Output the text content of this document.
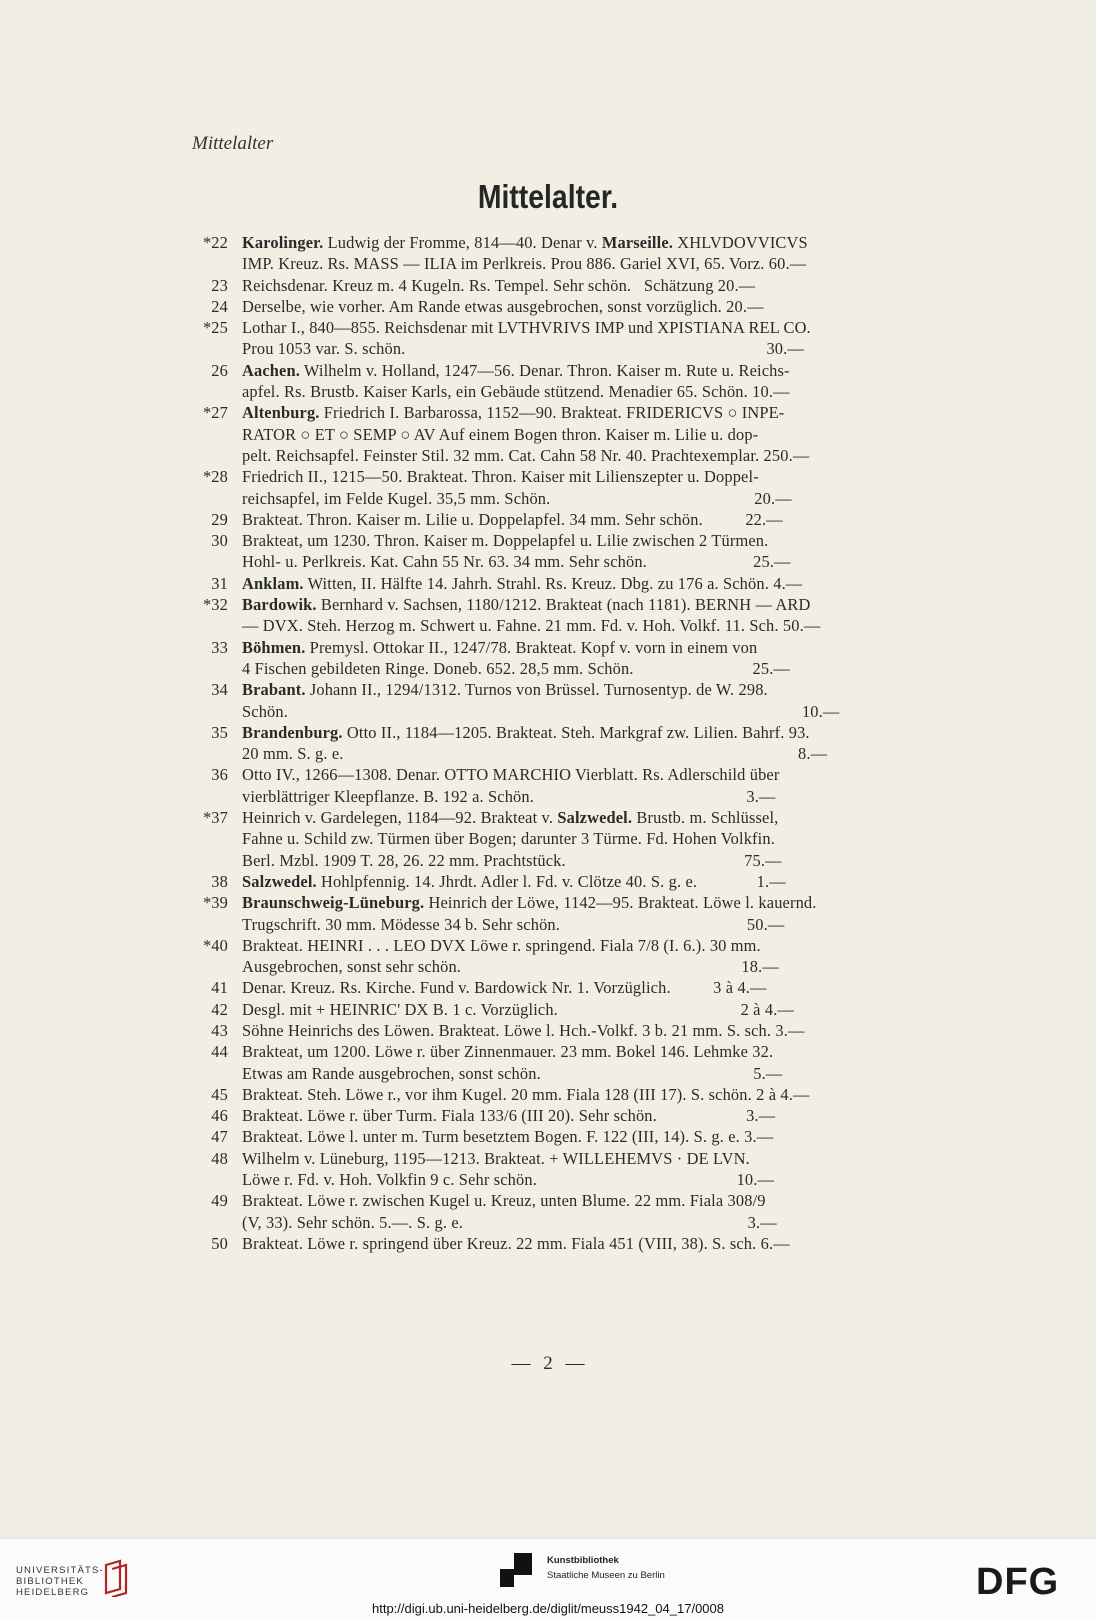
Mittelalter
Mittelalter.
*22 Karolinger. Ludwig der Fromme, 814—40. Denar v. Marseille. XHLVDOVVICVS
IMP. Kreuz. Rs. MASS — ILIA im Perlkreis. Prou 886. Gariel XVI, 65. Vorz. 60.—
23 Reichsdenar. Kreuz m. 4 Kugeln. Rs. Tempel. Sehr schön.   Schätzung 20.—
24 Derselbe, wie vorher. Am Rande etwas ausgebrochen, sonst vorzüglich. 20.—
*25 Lothar I., 840—855. Reichsdenar mit LVTHVRIVS IMP und XPISTIANA REL CO.
Prou 1053 var. S. schön.                                                                                     30.—
26 Aachen. Wilhelm v. Holland, 1247—56. Denar. Thron. Kaiser m. Rute u. Reichs-
apfel. Rs. Brustb. Kaiser Karls, ein Gebäude stützend. Menadier 65. Schön. 10.—
*27 Altenburg. Friedrich I. Barbarossa, 1152—90. Brakteat. FRIDERICVS ○ INPE-
RATOR ○ ET ○ SEMP ○ AV Auf einem Bogen thron. Kaiser m. Lilie u. dop-
pelt. Reichsapfel. Feinster Stil. 32 mm. Cat. Cahn 58 Nr. 40. Prachtexemplar. 250.—
*28 Friedrich II., 1215—50. Brakteat. Thron. Kaiser mit Lilienszepter u. Doppel-
reichsapfel, im Felde Kugel. 35,5 mm. Schön.                                                20.—
29 Brakteat. Thron. Kaiser m. Lilie u. Doppelapfel. 34 mm. Sehr schön.          22.—
30 Brakteat, um 1230. Thron. Kaiser m. Doppelapfel u. Lilie zwischen 2 Türmen.
Hohl- u. Perlkreis. Kat. Cahn 55 Nr. 63. 34 mm. Sehr schön.                         25.—
31 Anklam. Witten, II. Hälfte 14. Jahrh. Strahl. Rs. Kreuz. Dbg. zu 176 a. Schön. 4.—
*32 Bardowik. Bernhard v. Sachsen, 1180/1212. Brakteat (nach 1181). BERNH — ARD
— DVX. Steh. Herzog m. Schwert u. Fahne. 21 mm. Fd. v. Hoh. Volkf. 11. Sch. 50.—
33 Böhmen. Premysl. Ottokar II., 1247/78. Brakteat. Kopf v. vorn in einem von
4 Fischen gebildeten Ringe. Doneb. 652. 28,5 mm. Schön.                            25.—
34 Brabant. Johann II., 1294/1312. Turnos von Brüssel. Turnosentyp. de W. 298.
Schön.                                                                                                                         10.—
35 Brandenburg. Otto II., 1184—1205. Brakteat. Steh. Markgraf zw. Lilien. Bahrf. 93.
20 mm. S. g. e.                                                                                                           8.—
36 Otto IV., 1266—1308. Denar. OTTO MARCHIO Vierblatt. Rs. Adlerschild über
vierblättriger Kleepflanze. B. 192 a. Schön.                                                  3.—
*37 Heinrich v. Gardelegen, 1184—92. Brakteat v. Salzwedel. Brustb. m. Schlüssel,
Fahne u. Schild zw. Türmen über Bogen; darunter 3 Türme. Fd. Hohen Volkfin.
Berl. Mzbl. 1909 T. 28, 26. 22 mm. Prachtstück.                                          75.—
38 Salzwedel. Hohlpfennig. 14. Jhrdt. Adler l. Fd. v. Clötze 40. S. g. e.              1.—
*39 Braunschweig-Lüneburg. Heinrich der Löwe, 1142—95. Brakteat. Löwe l. kauernd.
Trugschrift. 30 mm. Mödesse 34 b. Sehr schön.                                            50.—
*40 Brakteat. HEINRI . . . LEO DVX Löwe r. springend. Fiala 7/8 (I. 6.). 30 mm.
Ausgebrochen, sonst sehr schön.                                                                  18.—
41 Denar. Kreuz. Rs. Kirche. Fund v. Bardowick Nr. 1. Vorzüglich.          3 à 4.—
42 Desgl. mit + HEINRIC' DX B. 1 c. Vorzüglich.                                           2 à 4.—
43 Söhne Heinrichs des Löwen. Brakteat. Löwe l. Hch.-Volkf. 3 b. 21 mm. S. sch. 3.—
44 Brakteat, um 1200. Löwe r. über Zinnenmauer. 23 mm. Bokel 146. Lehmke 32.
Etwas am Rande ausgebrochen, sonst schön.                                                  5.—
45 Brakteat. Steh. Löwe r., vor ihm Kugel. 20 mm. Fiala 128 (III 17). S. schön. 2 à 4.—
46 Brakteat. Löwe r. über Turm. Fiala 133/6 (III 20). Sehr schön.                     3.—
47 Brakteat. Löwe l. unter m. Turm besetztem Bogen. F. 122 (III, 14). S. g. e. 3.—
48 Wilhelm v. Lüneburg, 1195—1213. Brakteat. + WILLEHEMVS · DE LVN.
Löwe r. Fd. v. Hoh. Volkfin 9 c. Sehr schön.                                               10.—
49 Brakteat. Löwe r. zwischen Kugel u. Kreuz, unten Blume. 22 mm. Fiala 308/9
(V, 33). Sehr schön. 5.—. S. g. e.                                                                   3.—
50 Brakteat. Löwe r. springend über Kreuz. 22 mm. Fiala 451 (VIII, 38). S. sch. 6.—
— 2 —
UNIVERSITÄTS-
BIBLIOTHEK
HEIDELBERG
Kunstbibliothek
Staatliche Museen zu Berlin	DFG
http://digi.ub.uni-heidelberg.de/diglit/meuss1942_04_17/0008
